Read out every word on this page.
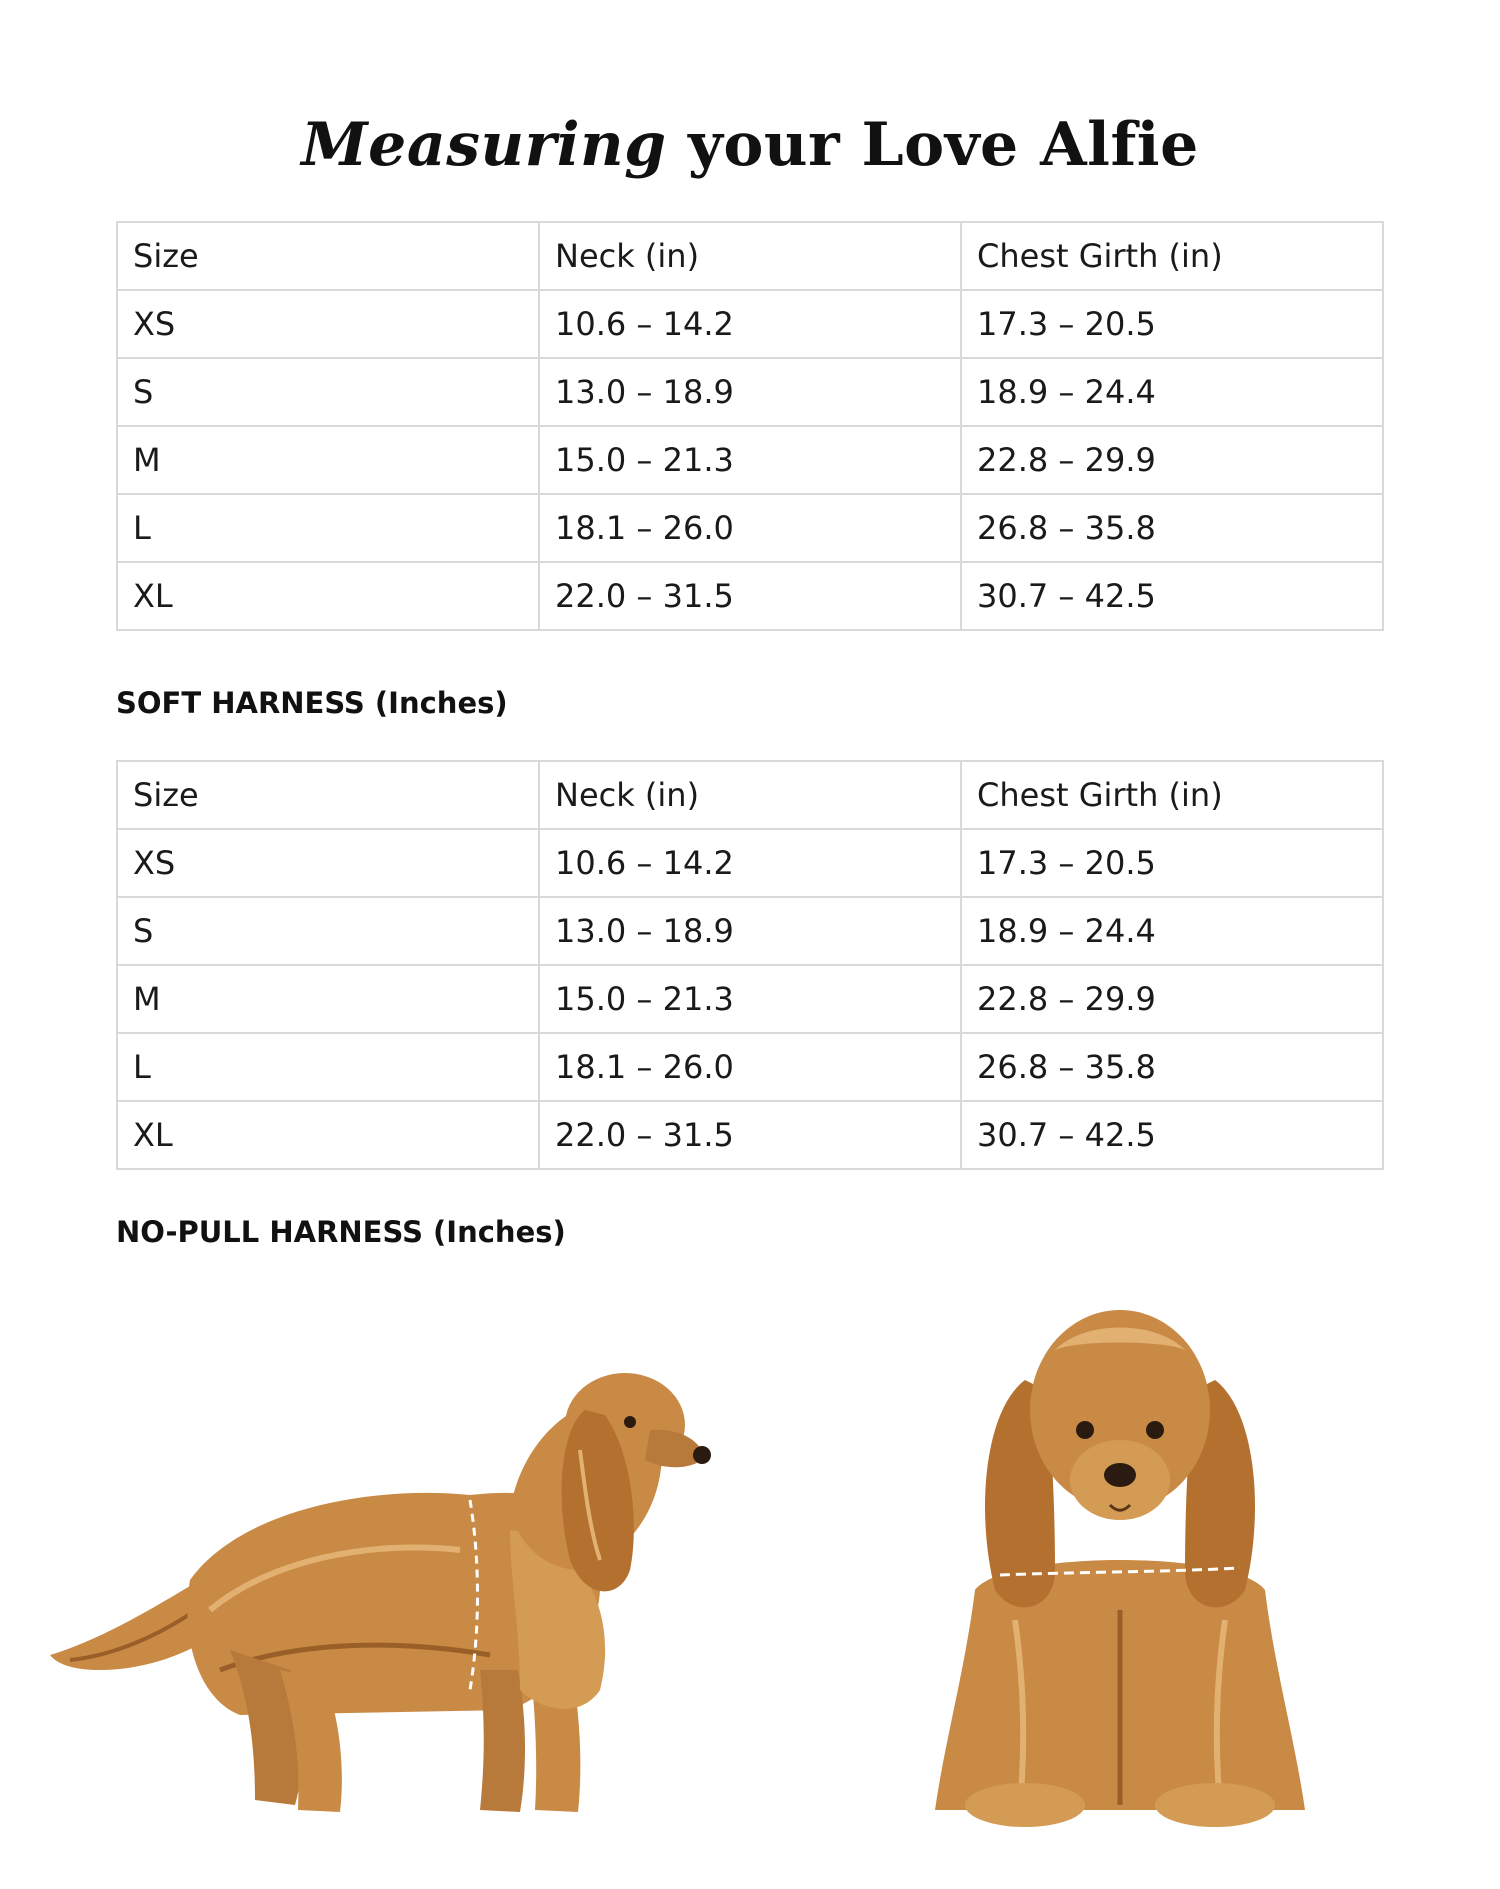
Measuring your Love Alfie
Size	Neck (in)	Chest Girth (in)
XS	10.6 – 14.2	17.3 – 20.5
S	13.0 – 18.9	18.9 – 24.4
M	15.0 – 21.3	22.8 – 29.9
L	18.1 – 26.0	26.8 – 35.8
XL	22.0 – 31.5	30.7 – 42.5
SOFT HARNESS (Inches)
Size	Neck (in)	Chest Girth (in)
XS	10.6 – 14.2	17.3 – 20.5
S	13.0 – 18.9	18.9 – 24.4
M	15.0 – 21.3	22.8 – 29.9
L	18.1 – 26.0	26.8 – 35.8
XL	22.0 – 31.5	30.7 – 42.5
NO-PULL HARNESS (Inches)
